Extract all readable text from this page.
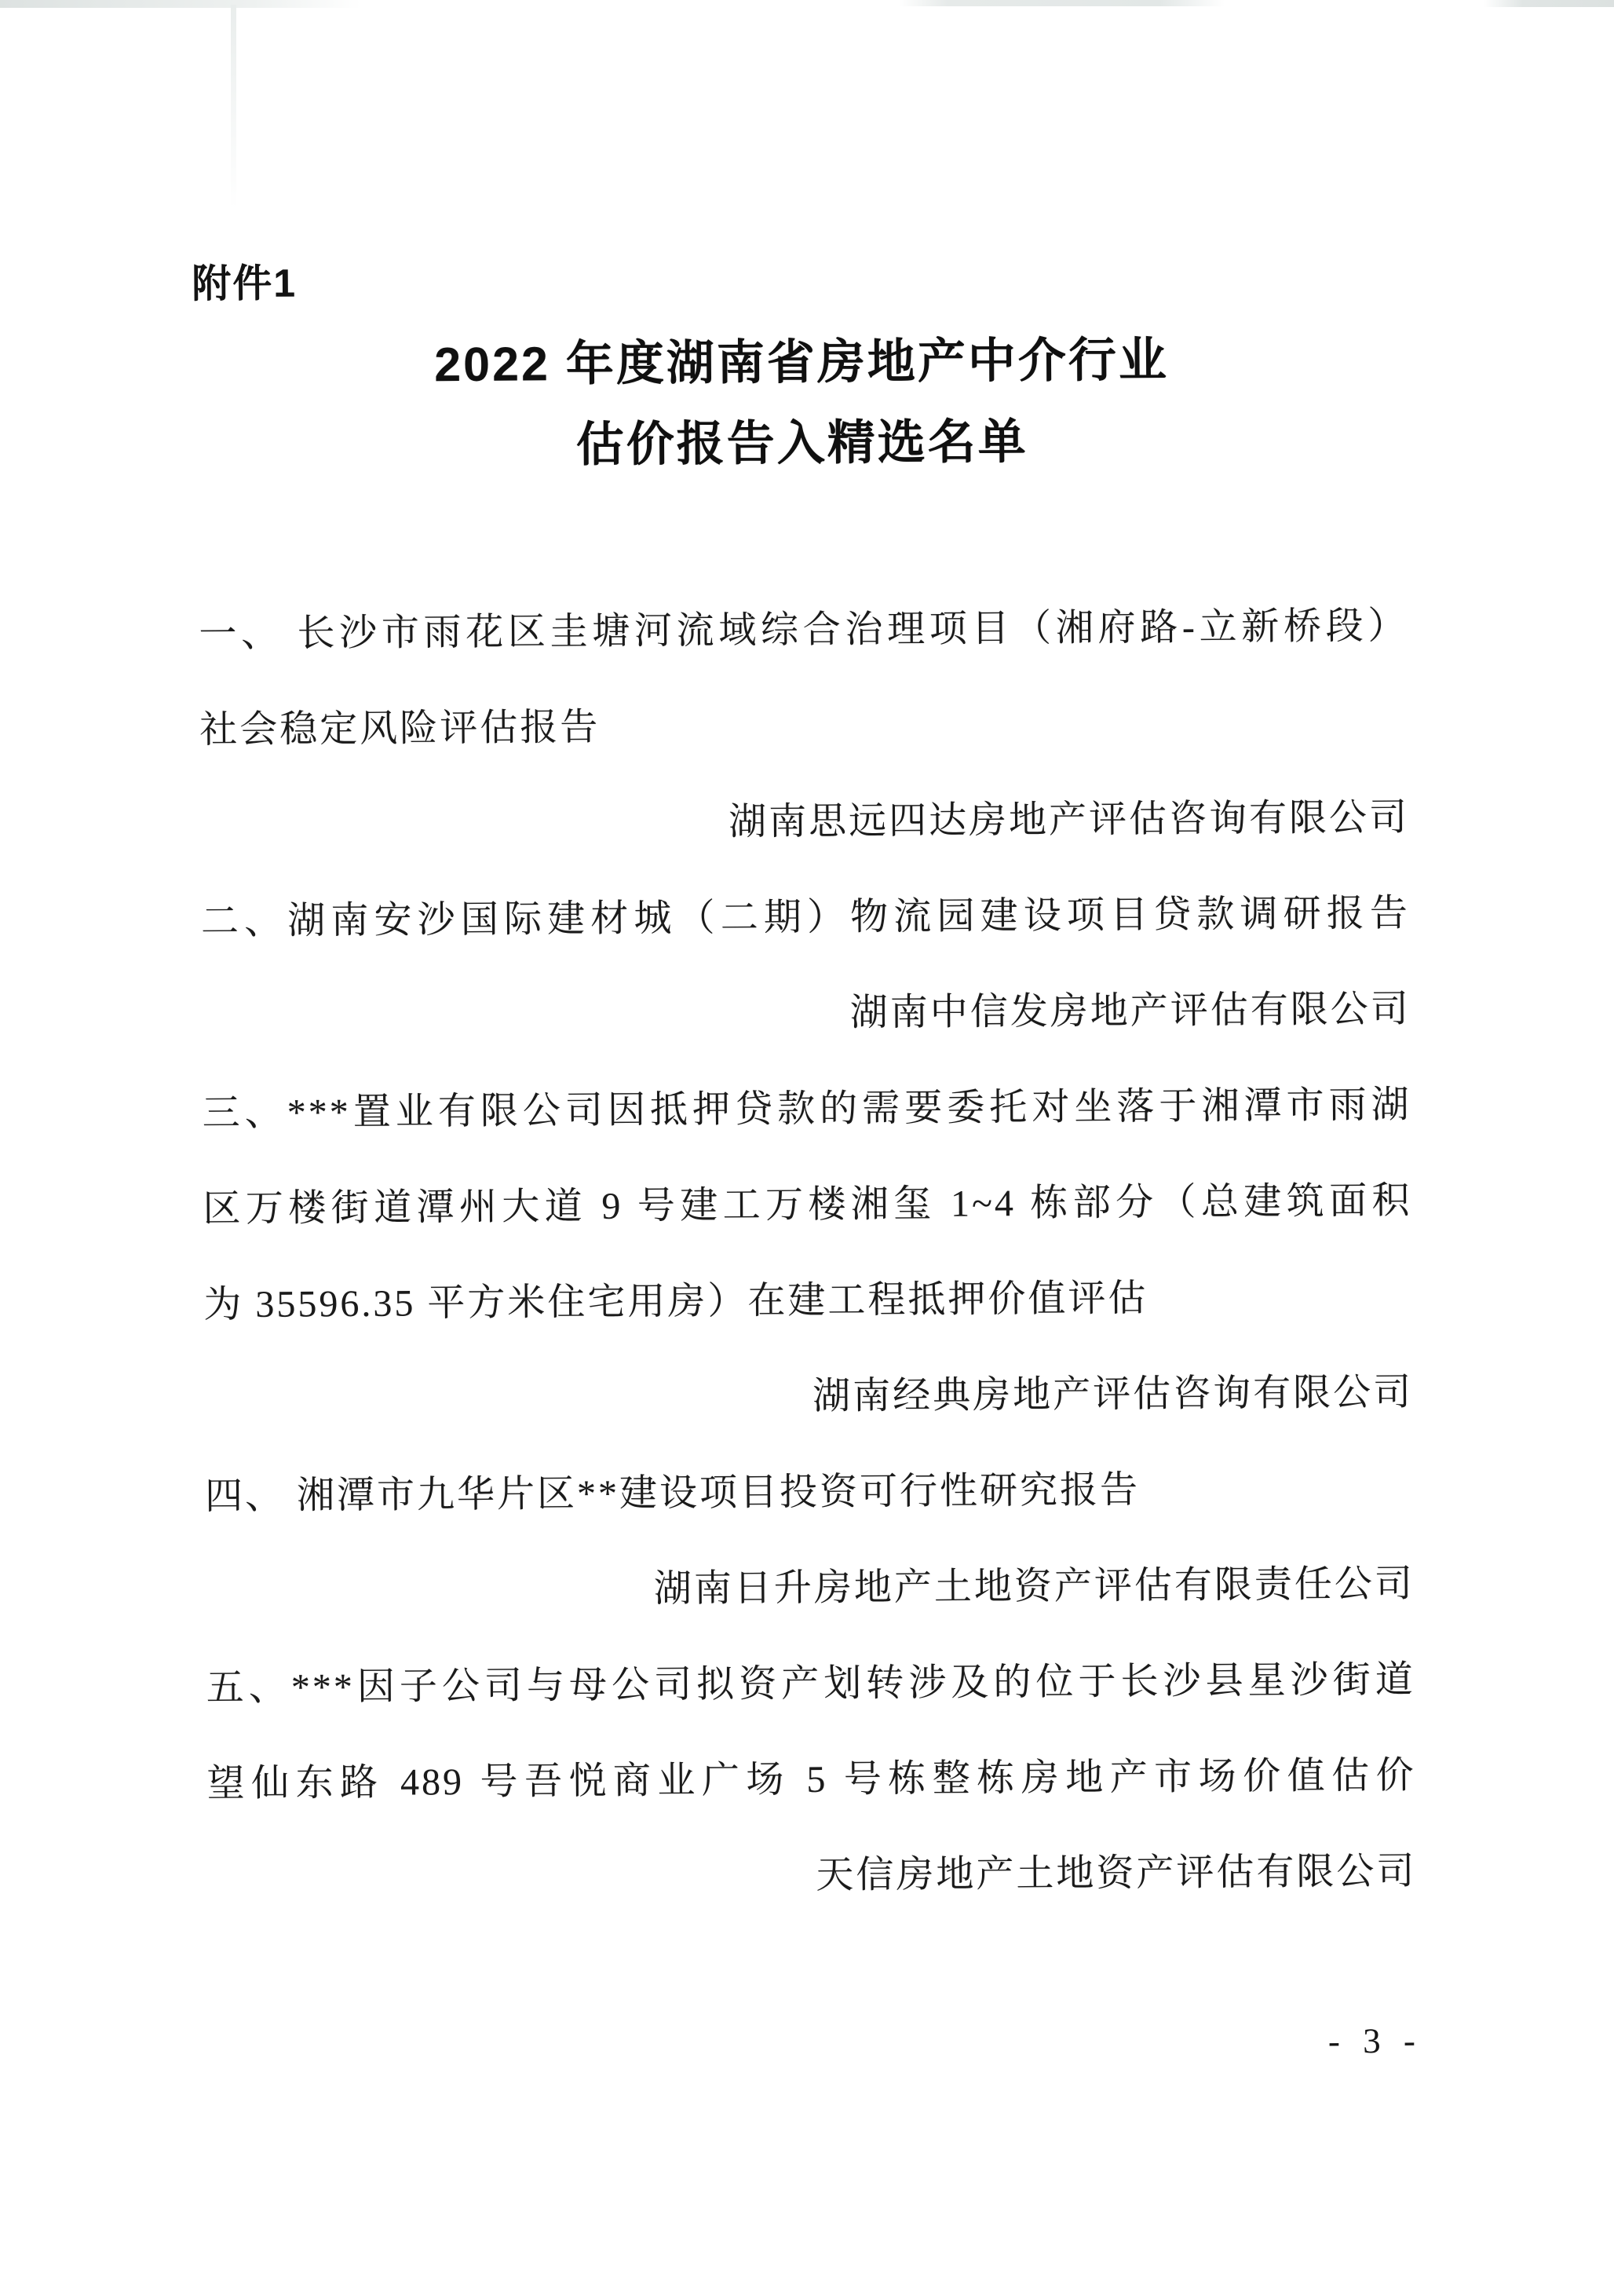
附件1
2022 年度湖南省房地产中介行业
估价报告入精选名单
一、 长沙市雨花区圭塘河流域综合治理项目（湘府路-立新桥段）
社会稳定风险评估报告
湖南思远四达房地产评估咨询有限公司
二、湖南安沙国际建材城（二期）物流园建设项目贷款调研报告
湖南中信发房地产评估有限公司
三、***置业有限公司因抵押贷款的需要委托对坐落于湘潭市雨湖
区万楼街道潭州大道 9 号建工万楼湘玺 1~4 栋部分（总建筑面积
为 35596.35 平方米住宅用房）在建工程抵押价值评估
湖南经典房地产评估咨询有限公司
四、 湘潭市九华片区**建设项目投资可行性研究报告
湖南日升房地产土地资产评估有限责任公司
五、***因子公司与母公司拟资产划转涉及的位于长沙县星沙街道
望仙东路 489 号吾悦商业广场 5 号栋整栋房地产市场价值估价
天信房地产土地资产评估有限公司
- 3 -
